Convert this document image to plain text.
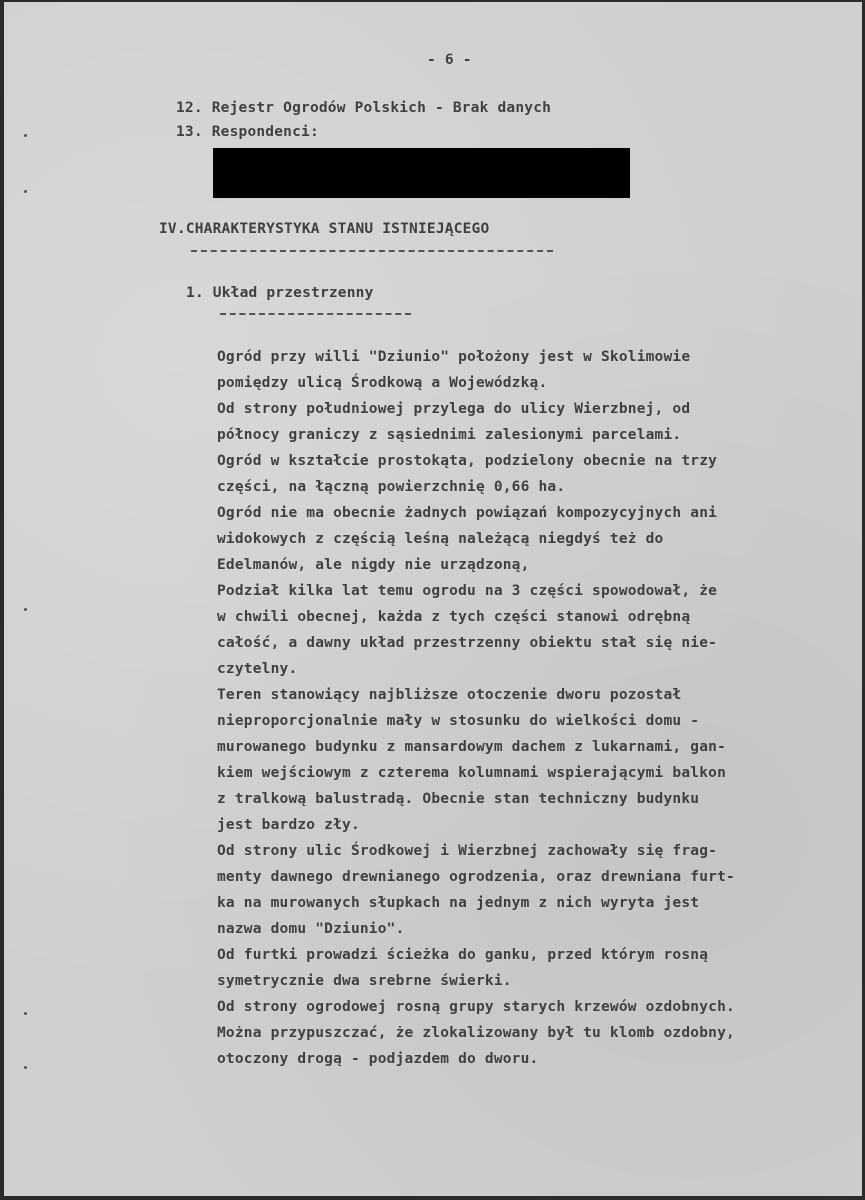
- 6 -
12. Rejestr Ogrodów Polskich - Brak danych
13. Respondenci:
IV.CHARAKTERYSTYKA STANU ISTNIEJĄCEGO
1. Układ przestrzenny
Ogród przy willi "Dziunio" położony jest w Skolimowie
pomiędzy ulicą Środkową a Wojewódzką.
Od strony południowej przylega do ulicy Wierzbnej, od
północy graniczy z sąsiednimi zalesionymi parcelami.
Ogród w kształcie prostokąta, podzielony obecnie na trzy
części, na łączną powierzchnię 0,66 ha.
Ogród nie ma obecnie żadnych powiązań kompozycyjnych ani
widokowych z częścią leśną należącą niegdyś też do
Edelmanów, ale nigdy nie urządzoną,
Podział kilka lat temu ogrodu na 3 części spowodował, że
w chwili obecnej, każda z tych części stanowi odrębną
całość, a dawny układ przestrzenny obiektu stał się nie-
czytelny.
Teren stanowiący najbliższe otoczenie dworu pozostał
nieproporcjonalnie mały w stosunku do wielkości domu -
murowanego budynku z mansardowym dachem z lukarnami, gan-
kiem wejściowym z czterema kolumnami wspierającymi balkon
z tralkową balustradą. Obecnie stan techniczny budynku
jest bardzo zły.
Od strony ulic Środkowej i Wierzbnej zachowały się frag-
menty dawnego drewnianego ogrodzenia, oraz drewniana furt-
ka na murowanych słupkach na jednym z nich wyryta jest
nazwa domu "Dziunio".
Od furtki prowadzi ścieżka do ganku, przed którym rosną
symetrycznie dwa srebrne świerki.
Od strony ogrodowej rosną grupy starych krzewów ozdobnych.
Można przypuszczać, że zlokalizowany był tu klomb ozdobny,
otoczony drogą - podjazdem do dworu.
